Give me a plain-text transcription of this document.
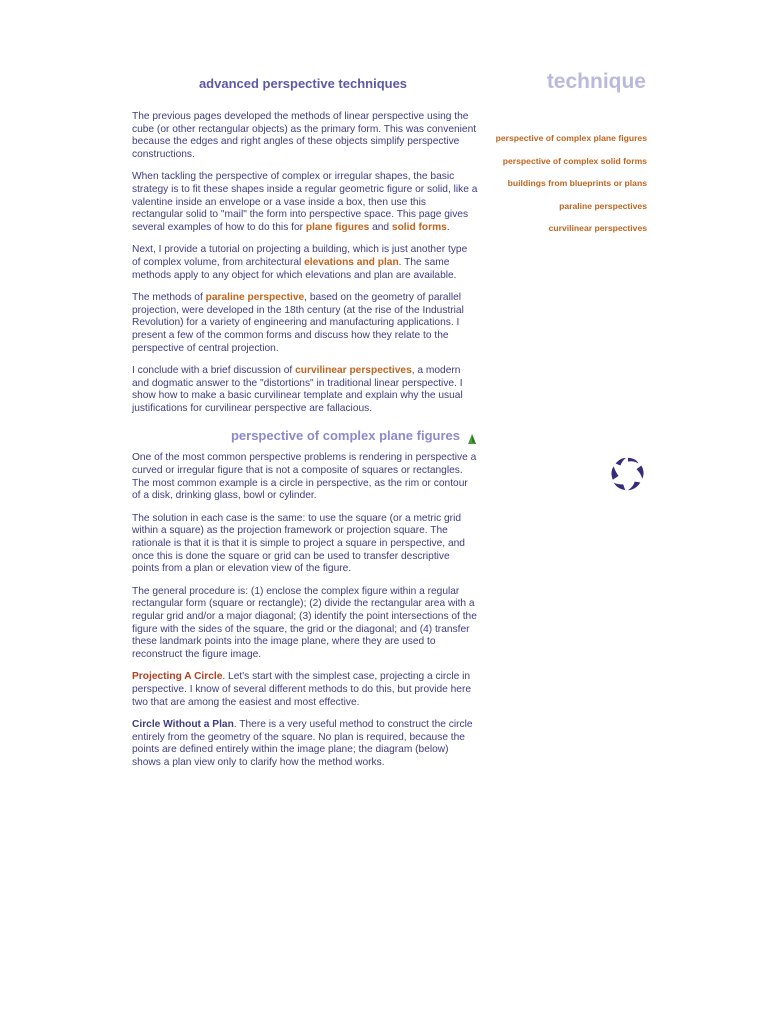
advanced perspective techniques	technique
perspective of complex plane figures
perspective of complex solid forms
buildings from blueprints or plans
paraline perspectives
curvilinear perspectives

The previous pages developed the methods of linear perspective using the cube (or other rectangular objects) as the primary form. This was convenient because the edges and right angles of these objects simplify perspective constructions.

When tackling the perspective of complex or irregular shapes, the basic strategy is to fit these shapes inside a regular geometric figure or solid, like a valentine inside an envelope or a vase inside a box, then use this rectangular solid to "mail" the form into perspective space. This page gives several examples of how to do this for plane figures and solid forms.

Next, I provide a tutorial on projecting a building, which is just another type of complex volume, from architectural elevations and plan. The same methods apply to any object for which elevations and plan are available.

The methods of paraline perspective, based on the geometry of parallel projection, were developed in the 18th century (at the rise of the Industrial Revolution) for a variety of engineering and manufacturing applications. I present a few of the common forms and discuss how they relate to the perspective of central projection.

I conclude with a brief discussion of curvilinear perspectives, a modern and dogmatic answer to the "distortions" in traditional linear perspective. I show how to make a basic curvilinear template and explain why the usual justifications for curvilinear perspective are fallacious.

perspective of complex plane figures

One of the most common perspective problems is rendering in perspective a curved or irregular figure that is not a composite of squares or rectangles. The most common example is a circle in perspective, as the rim or contour of a disk, drinking glass, bowl or cylinder.

The solution in each case is the same: to use the square (or a metric grid within a square) as the projection framework or projection square. The rationale is that it is that it is simple to project a square in perspective, and once this is done the square or grid can be used to transfer descriptive points from a plan or elevation view of the figure.

The general procedure is: (1) enclose the complex figure within a regular rectangular form (square or rectangle); (2) divide the rectangular area with a regular grid and/or a major diagonal; (3) identify the point intersections of the figure with the sides of the square, the grid or the diagonal; and (4) transfer these landmark points into the image plane, where they are used to reconstruct the figure image.

Projecting A Circle. Let's start with the simplest case, projecting a circle in perspective. I know of several different methods to do this, but provide here two that are among the easiest and most effective.

Circle Without a Plan. There is a very useful method to construct the circle entirely from the geometry of the square. No plan is required, because the points are defined entirely within the image plane; the diagram (below) shows a plan view only to clarify how the method works.
